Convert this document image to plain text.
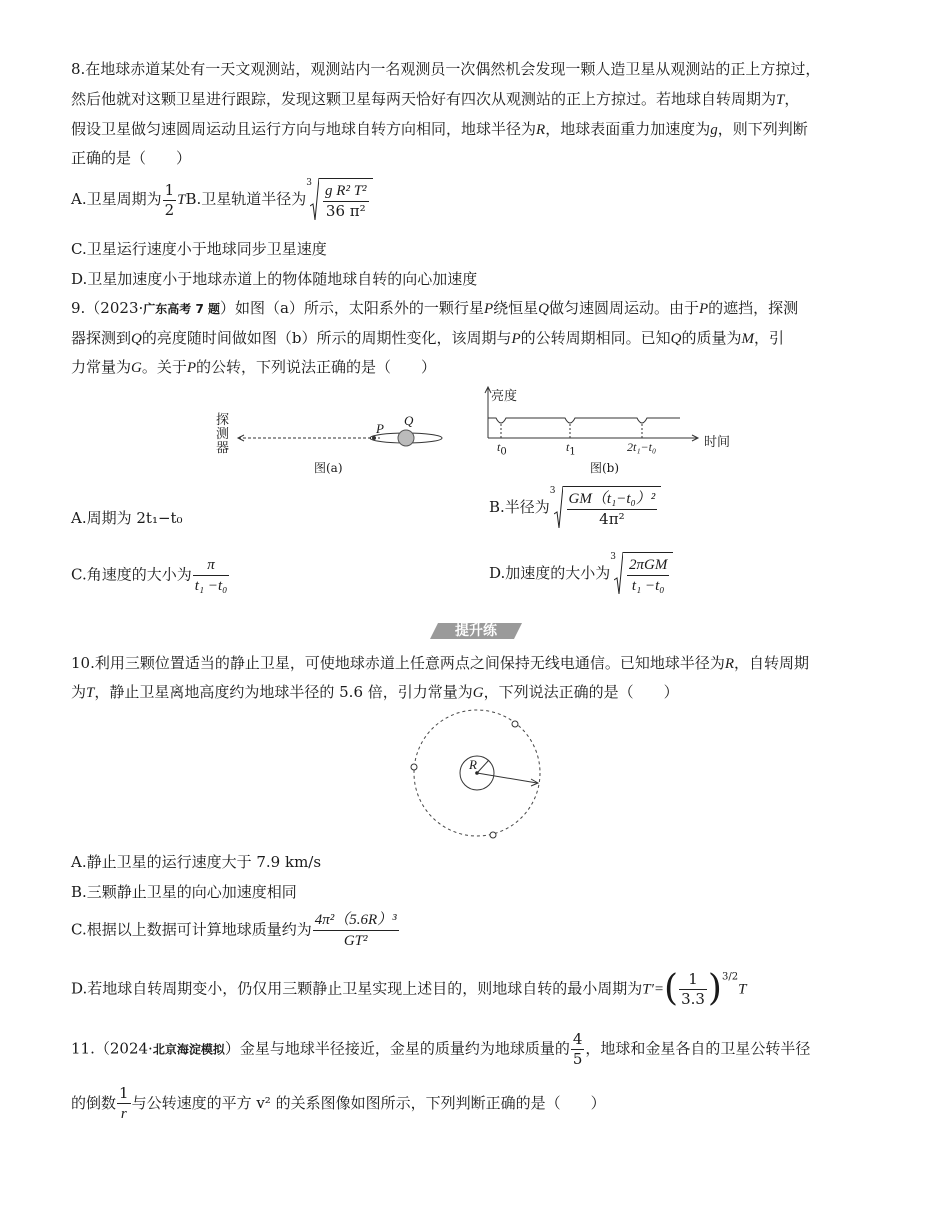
8.在地球赤道某处有一天文观测站，观测站内一名观测员一次偶然机会发现一颗人造卫星从观测站的正上方掠过，
然后他就对这颗卫星进行跟踪，发现这颗卫星每两天恰好有四次从观测站的正上方掠过。若地球自转周期为T，
假设卫星做匀速圆周运动且运行方向与地球自转方向相同，地球半径为R，地球表面重力加速度为g，则下列判断
正确的是（　　）
A.卫星周期为 $\frac{1}{2}$ TB.卫星轨道半径为
$3 \frac{\text{g R² T²}}{\text{36 π²}}$
C.卫星运行速度小于地球同步卫星速度
D.卫星加速度小于地球赤道上的物体随地球自转的向心加速度
9.（2023·广东高考 7 题）如图（a）所示，太阳系外的一颗行星P绕恒星Q做匀速圆周运动。由于P的遮挡，探测
器探测到Q的亮度随时间做如图（b）所示的周期性变化，该周期与P的公转周期相同。已知Q的质量为M，引
力常量为G。关于P的公转，下列说法正确的是（　　）
探
测
器
P
Q
图(a)
亮度
时间
$t_0$	$t_1$	2t₁−t₀
图(b)
A.周期为 2t₁−t₀
B.半径为
$3 \frac{\text{GM（t₁−t₀）²}}{\text{4π²}}$
C.角速度的大小为 $\frac{\pi}{\text{t₁ −t₀}}$	D.加速度的大小为
$3 \frac{\text{2πGM}}{\text{t₁ −t₀}}$
提升练
10.利用三颗位置适当的静止卫星，可使地球赤道上任意两点之间保持无线电通信。已知地球半径为R，自转周期
为T，静止卫星离地高度约为地球半径的 5.6 倍，引力常量为G，下列说法正确的是（　　）
R
A.静止卫星的运行速度大于 7.9 km/s
B.三颗静止卫星的向心加速度相同
C.根据以上数据可计算地球质量约为 $\frac{\text{4π²（5.6R）³}}{\text{GT²}}$
D.若地球自转周期变小，仍仅用三颗静止卫星实现上述目的，则地球自转的最小周期为$T'=( \frac{1}{3.3} )^{3/2}T$
11.（2024·北京海淀模拟）金星与地球半径接近，金星的质量约为地球质量的 $\frac{4}{5}$ ，地球和金星各自的卫星公转半径
的倒数 $\frac{1}{r}$ 与公转速度的平方 v² 的关系图像如图所示，下列判断正确的是（　　）
